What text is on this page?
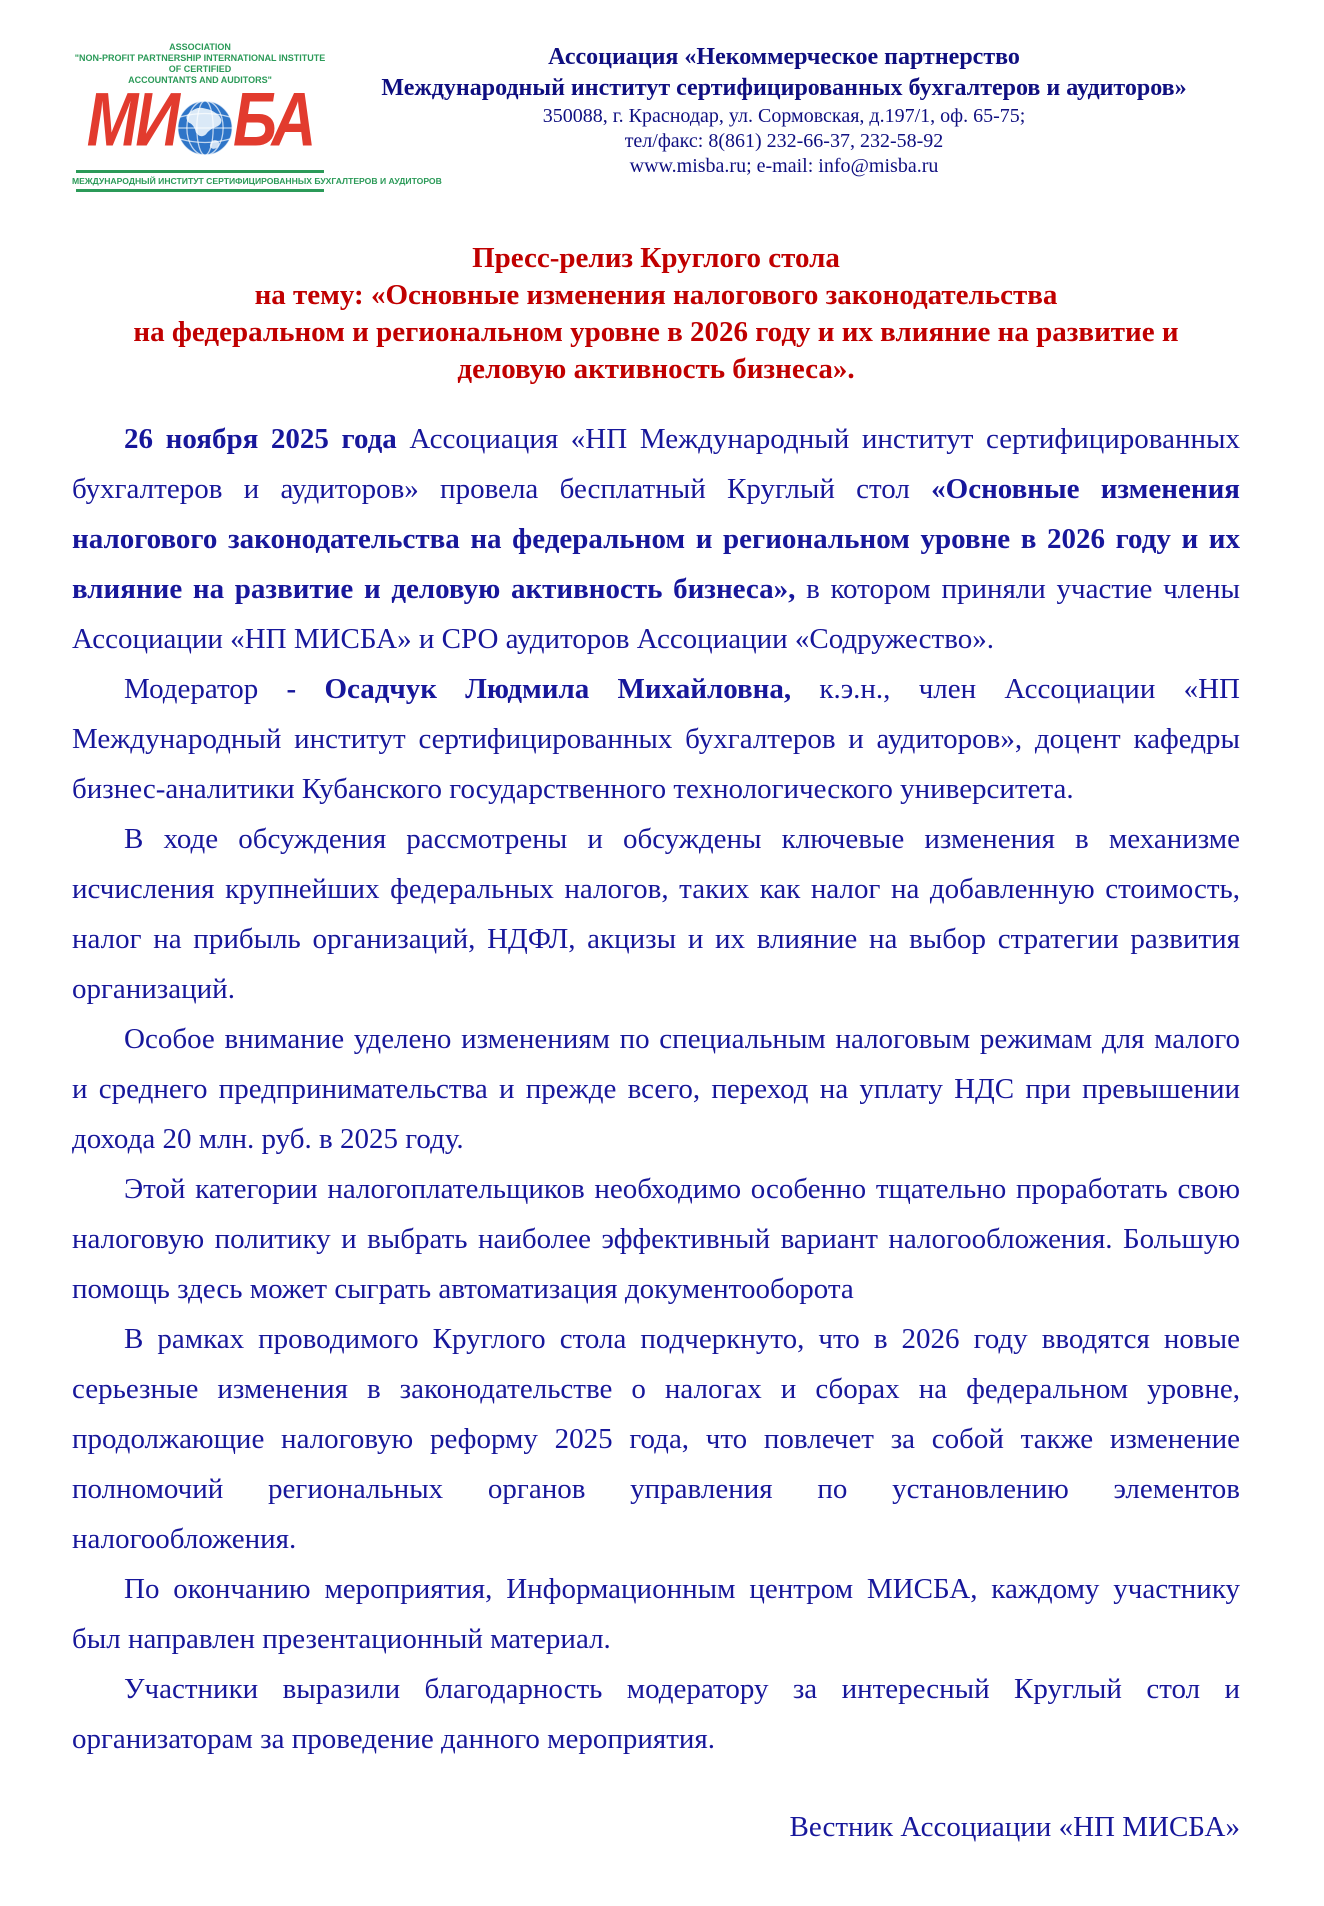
ASSOCIATION
"NON-PROFIT PARTNERSHIP INTERNATIONAL INSTITUTE OF CERTIFIED
ACCOUNTANTS AND AUDITORS"
МИ БА
МЕЖДУНАРОДНЫЙ ИНСТИТУТ СЕРТИФИЦИРОВАННЫХ БУХГАЛТЕРОВ И АУДИТОРОВ
Ассоциация «Некоммерческое партнерство
Международный институт сертифицированных бухгалтеров и аудиторов»
350088, г. Краснодар, ул. Сормовская, д.197/1, оф. 65-75;
тел/факс: 8(861) 232-66-37, 232-58-92
www.misba.ru; e-mail: info@misba.ru
Пресс-релиз Круглого стола
на тему: «Основные изменения налогового законодательства
на федеральном и региональном уровне в 2026 году и их влияние на развитие и
деловую активность бизнеса».

26 ноября 2025 года Ассоциация «НП Международный институт сертифицированных бухгалтеров и аудиторов» провела бесплатный Круглый стол «Основные изменения налогового законодательства на федеральном и региональном уровне в 2026 году и их влияние на развитие и деловую активность бизнеса», в котором приняли участие члены Ассоциации «НП МИСБА» и СРО аудиторов Ассоциации «Содружество».

Модератор - Осадчук Людмила Михайловна, к.э.н., член Ассоциации «НП Международный институт сертифицированных бухгалтеров и аудиторов», доцент кафедры бизнес-аналитики Кубанского государственного технологического университета.

В ходе обсуждения рассмотрены и обсуждены ключевые изменения в механизме исчисления крупнейших федеральных налогов, таких как налог на добавленную стоимость, налог на прибыль организаций, НДФЛ, акцизы и их влияние на выбор стратегии развития организаций.

Особое внимание уделено изменениям по специальным налоговым режимам для малого и среднего предпринимательства и прежде всего, переход на уплату НДС при превышении дохода 20 млн. руб. в 2025 году.

Этой категории налогоплательщиков необходимо особенно тщательно проработать свою налоговую политику и выбрать наиболее эффективный вариант налогообложения. Большую помощь здесь может сыграть автоматизация документооборота

В рамках проводимого Круглого стола подчеркнуто, что в 2026 году вводятся новые серьезные изменения в законодательстве о налогах и сборах на федеральном уровне, продолжающие налоговую реформу 2025 года, что повлечет за собой также изменение полномочий региональных органов управления по установлению элементов налогообложения.

По окончанию мероприятия, Информационным центром МИСБА, каждому участнику был направлен презентационный материал.

Участники выразили благодарность модератору за интересный Круглый стол и организаторам за проведение данного мероприятия.

Вестник Ассоциации «НП МИСБА»
